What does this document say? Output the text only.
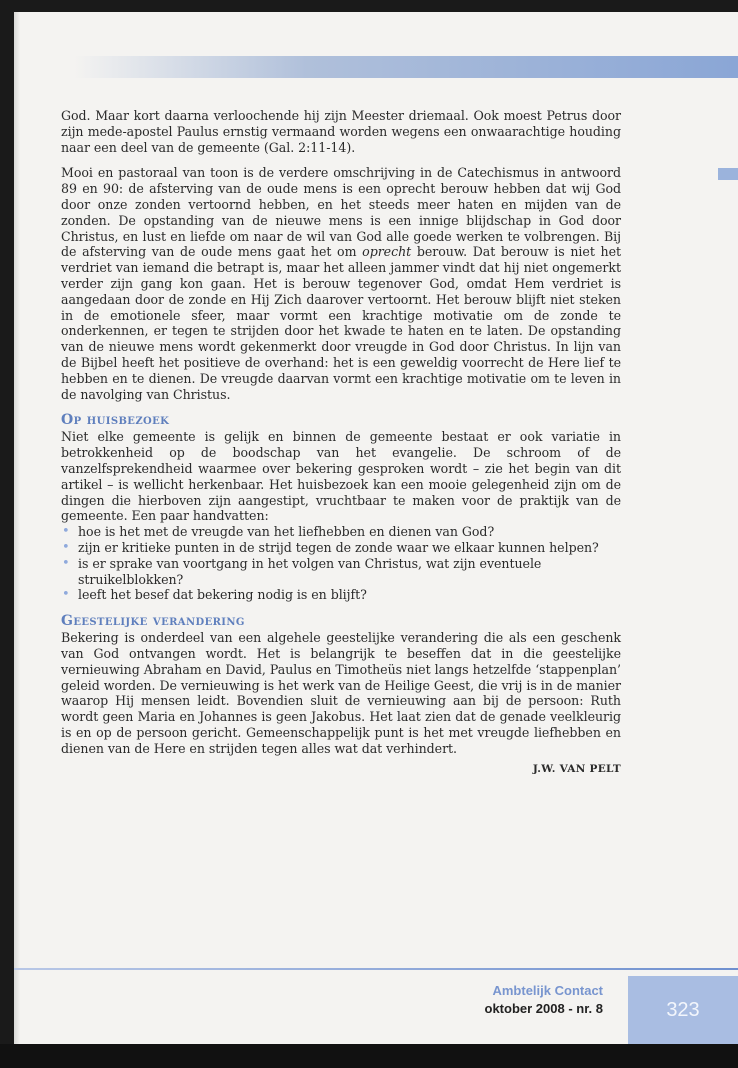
God. Maar kort daarna verloochende hij zijn Meester driemaal. Ook moest Petrus door zijn mede-apostel Paulus ernstig vermaand worden wegens een onwaarachtige houding naar een deel van de gemeente (Gal. 2:11-14).

Mooi en pastoraal van toon is de verdere omschrijving in de Catechismus in antwoord 89 en 90: de afsterving van de oude mens is een oprecht berouw hebben dat wij God door onze zonden vertoornd hebben, en het steeds meer haten en mijden van de zonden. De opstanding van de nieuwe mens is een innige blijdschap in God door Christus, en lust en liefde om naar de wil van God alle goede werken te volbrengen. Bij de afsterving van de oude mens gaat het om oprecht berouw. Dat berouw is niet het verdriet van iemand die betrapt is, maar het alleen jammer vindt dat hij niet ongemerkt verder zijn gang kon gaan. Het is berouw tegenover God, omdat Hem verdriet is aangedaan door de zonde en Hij Zich daarover vertoornt. Het berouw blijft niet steken in de emotionele sfeer, maar vormt een krachtige motivatie om de zonde te onderkennen, er tegen te strijden door het kwade te haten en te laten. De opstanding van de nieuwe mens wordt gekenmerkt door vreugde in God door Christus. In lijn van de Bijbel heeft het positieve de overhand: het is een geweldig voorrecht de Here lief te hebben en te dienen. De vreugde daarvan vormt een krachtige motivatie om te leven in de navolging van Christus.

Op huisbezoek

Niet elke gemeente is gelijk en binnen de gemeente bestaat er ook variatie in betrokkenheid op de boodschap van het evangelie. De schroom of de vanzelfsprekendheid waarmee over bekering gesproken wordt – zie het begin van dit artikel – is wellicht herkenbaar. Het huisbezoek kan een mooie gelegenheid zijn om de dingen die hierboven zijn aangestipt, vruchtbaar te maken voor de praktijk van de gemeente. Een paar handvatten:

• hoe is het met de vreugde van het liefhebben en dienen van God?
• zijn er kritieke punten in de strijd tegen de zonde waar we elkaar kunnen helpen?
• is er sprake van voortgang in het volgen van Christus, wat zijn eventuele struikelblokken?
• leeft het besef dat bekering nodig is en blijft?
Geestelijke verandering

Bekering is onderdeel van een algehele geestelijke verandering die als een geschenk van God ontvangen wordt. Het is belangrijk te beseffen dat in die geestelijke vernieuwing Abraham en David, Paulus en Timotheüs niet langs hetzelfde ‘stappenplan’ geleid worden. De vernieuwing is het werk van de Heilige Geest, die vrij is in de manier waarop Hij mensen leidt. Bovendien sluit de vernieuwing aan bij de persoon: Ruth wordt geen Maria en Johannes is geen Jakobus. Het laat zien dat de genade veelkleurig is en op de persoon gericht. Gemeenschappelijk punt is het met vreugde liefhebben en dienen van de Here en strijden tegen alles wat dat verhindert.

J.W. VAN PELT
Ambtelijk Contact
oktober 2008 - nr. 8	323
